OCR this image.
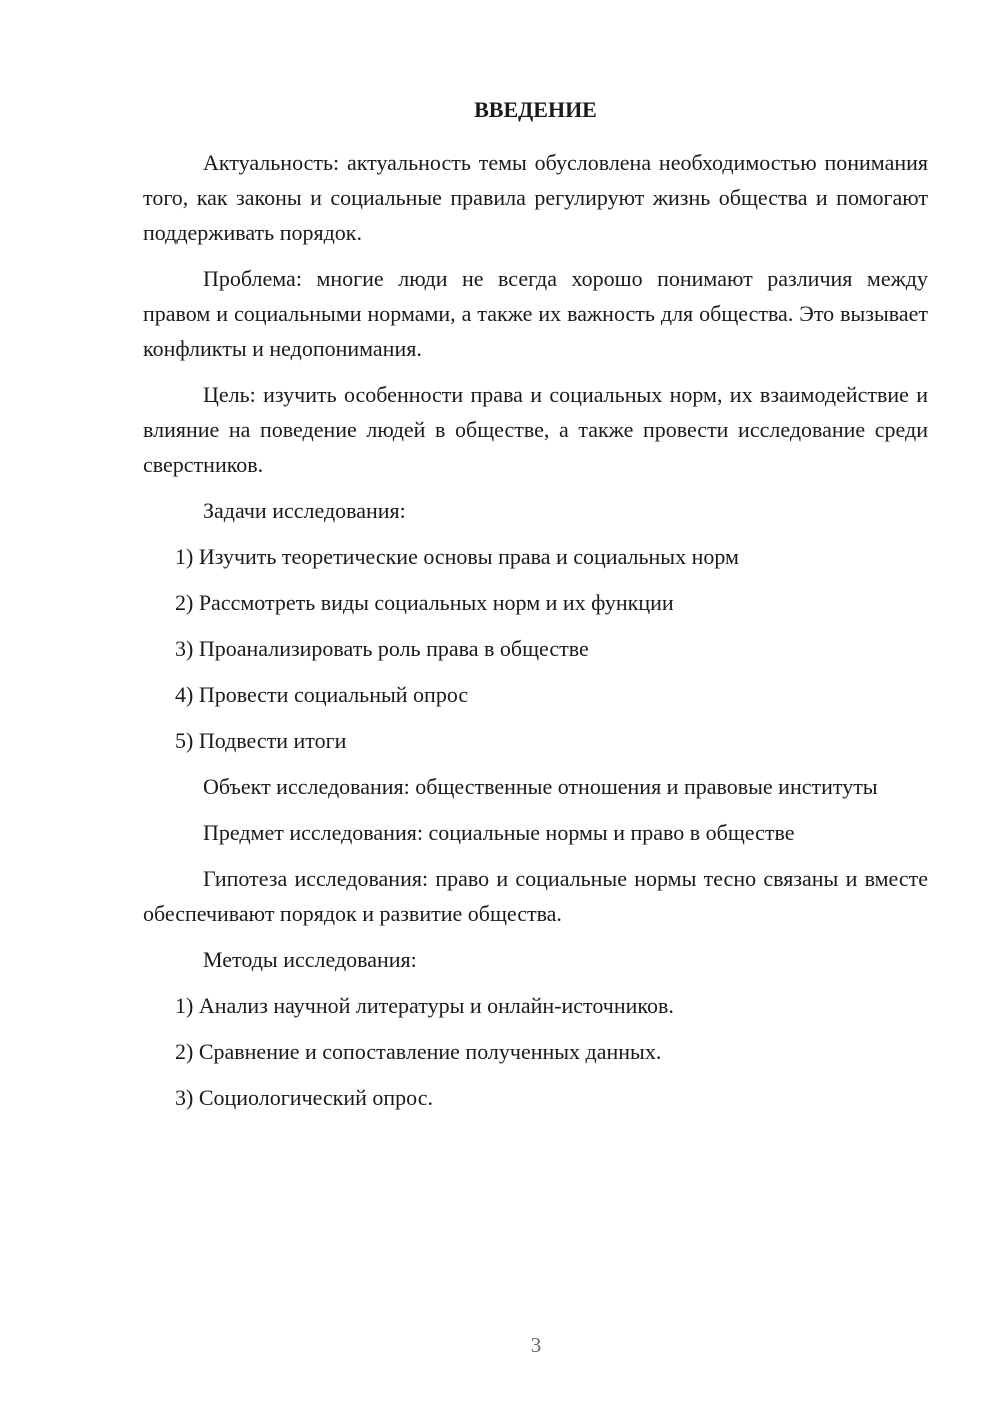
ВВЕДЕНИЕ

Актуальность: актуальность темы обусловлена необходимостью понимания того, как законы и социальные правила регулируют жизнь общества и помогают поддерживать порядок.

Проблема: многие люди не всегда хорошо понимают различия между правом и социальными нормами, а также их важность для общества. Это вызывает конфликты и недопонимания.

Цель: изучить особенности права и социальных норм, их взаимодействие и влияние на поведение людей в обществе, а также провести исследование среди сверстников.

Задачи исследования:

1) Изучить теоретические основы права и социальных норм
2) Рассмотреть виды социальных норм и их функции
3) Проанализировать роль права в обществе
4) Провести социальный опрос
5) Подвести итоги

Объект исследования: общественные отношения и правовые институты

Предмет исследования: социальные нормы и право в обществе

Гипотеза исследования: право и социальные нормы тесно связаны и вместе обеспечивают порядок и развитие общества.

Методы исследования:

1) Анализ научной литературы и онлайн-источников.
2) Сравнение и сопоставление полученных данных.
3) Социологический опрос.
3
